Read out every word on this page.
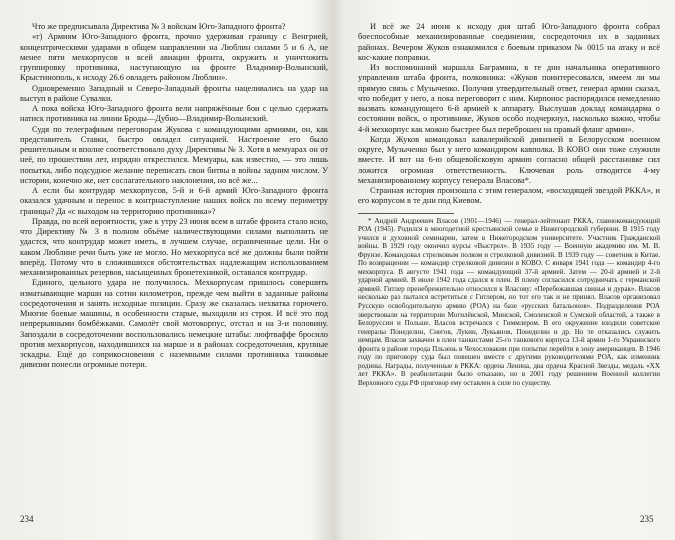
Что же предписывала Директива № 3 войскам Юго-Западного фронта?

«г) Армиям Юго-Западного фронта, прочно удерживая границу с Венгрией, концентрическими ударами в общем направлении на Люблин силами 5 и 6 А, не менее пяти мехкорпусов и всей авиации фронта, окружить и уничтожить группировку противника, наступающую на фронте Владимир-Волынский, Крыстинополь, к исходу 26.6 овладеть районом Люблин».

Одновременно Западный и Северо-Западный фронты нацеливались на удар на выступ в районе Сувалки.

А пока войска Юго-Западного фронта вели напряжённые бои с целью сдержать натиск противника на линии Броды—Дубно—Владимир-Волынский.

Судя по телеграфным переговорам Жукова с командующими армиями, он, как представитель Ставки, быстро овладел ситуацией. Настроение его было решительным и вполне соответствовало духу Директивы № 3. Хотя в мемуарах он от неё, по прошествии лет, изрядно открестился. Мемуары, как известно, — это лишь попытка, либо подсудное желание переписать свои битвы в войны задним числом. У истории, конечно же, нет сослагательного наклонения, но всё же...

А если бы контрудар мехкорпусов, 5-й и 6-й армий Юго-Западного фронта оказался удачным и перенос в контрнаступление наших войск по всему периметру границы? Да «с выходом на территорию противника»?

Правда, по всей вероятности, уже к утру 23 июня всем в штабе фронта стало ясно, что Директиву № 3 в полном объёме наличествующими силами выполнить не удастся, что контрудар может иметь, в лучшем случае, ограниченные цели. Ни о каком Люблине речи быть уже не могло. Но мехкорпуса всё же должны были пойти вперёд. Потому что в сложившихся обстоятельствах надлежащим использованием механизированных резервов, насыщенных бронетехникой, оставался контрудар.

Единого, цельного удара не получилось. Мехкорпусам пришлось совершить изматывающие марши на сотни километров, прежде чем выйти в заданные районы сосредоточения и занять исходные позиции. Сразу же сказалась нехватка горючего. Многие боевые машины, в особенности старые, выходили из строя. И всё это под непрерывными бомбёжками. Самолёт свой мотокорпус, отстал и на 3-и половину. Запоздали в сосредоточении воспользовались немецкие штабы: люфтваффе бросило против мехкорпусов, находившихся на марше и в районах сосредоточения, крупные эскадры. Ещё до соприкосновения с наземными силами противника танковые дивизии понесли огромные потери.

И всё же 24 июня к исходу дня штаб Юго-Западного фронта собрал боеспособные механизированные соединения, сосредоточил их в заданных районах. Вечером Жуков ознакомился с боевым приказом № 0015 на атаку и всё кос-какие поправки.

Из воспоминаний маршала Баграмяна, в те дни начальника оперативного управления штаба фронта, полковника: «Жуков поинтересовался, имеем ли мы прямую связь с Музыченко. Получив утвердительный ответ, генерал армии сказал, что победит у него, а пока переговорит с ним. Кирпонос распорядился немедленно вызвать командующего 6-й армией к аппарату. Выслушав доклад командарма о состоянии войск, о противнике, Жуков особо подчеркнул, насколько важно, чтобы 4-й мехкорпус как можно быстрее был переброшен на правый фланг армии».

Когда Жуков командовал кавалерийской дивизией в Белорусском военном округе, Музыченко был у него командиром кавполка. В КОВО они тоже служили вместе. И вот на 6-ю общевойсковую армию согласно общей расстановке сил ложится огромная ответственность. Ключевая роль отводится 4-му механизированному корпусу генерала Власова*.

Странная история произошла с этим генералом, «восходящей звездой РККА», и его корпусом в те дни под Киевом.

* Андрей Андреевич Власов (1901—1946) — генерал-лейтенант РККА, главнокомандующий РОА (1945). Родился в многодетной крестьянской семье в Нижегородской губернии. В 1915 году учился в духовной семинарии, затем в Нижегородском университете. Участник Гражданской войны. В 1929 году окончил курсы «Выстрел». В 1935 году — Военную академию им. М. В. Фрунзе. Командовал стрелковым полком и стрелковой дивизией. В 1939 году — советник в Китае. По возвращении — командир стрелковой дивизии в КОВО. С января 1941 года — командир 4-го мехкорпуса. В августе 1941 года — командующий 37-й армией. Затем — 20-й армией и 2-й ударной армией. В июле 1942 года сдался в плен. В плену согласился сотрудничать с германской армией. Гитлер пренебрежительно относился к Власову: «Перебежавшая свинья и дурак». Власов несколько раз пытался встретиться с Гитлером, но тот его так и не принял. Власов организовал Русскую освободительную армию (РОА) на базе «русских батальонов». Подразделения РОА зверствовали на территории Могилёвской, Минской, Смоленской и Сумской областей, а также в Белоруссии и Польше. Власов встречался с Гиммлером. В его окружение входили советские генералы Понеделин, Снегов, Лукин, Лукьянов, Понеделин и др. Но те отказались служить немцам. Власов захвачен в плен танкистами 25-го танкового корпуса 13-й армии 1-го Украинского фронта в районе города Пльзень в Чехословакии при попытке перейти в зону американцев. В 1946 году по приговору суда был повешен вместе с другими руководителями РОА, как изменник родины. Награды, полученные в РККА: ордена Ленина, два ордена Красной Звезды, медаль «XX лет РККА». В реабилитации было отказано, но в 2001 году решением Военной коллегии Верховного суда РФ приговор ему оставлен в силе по существу.

234	235
